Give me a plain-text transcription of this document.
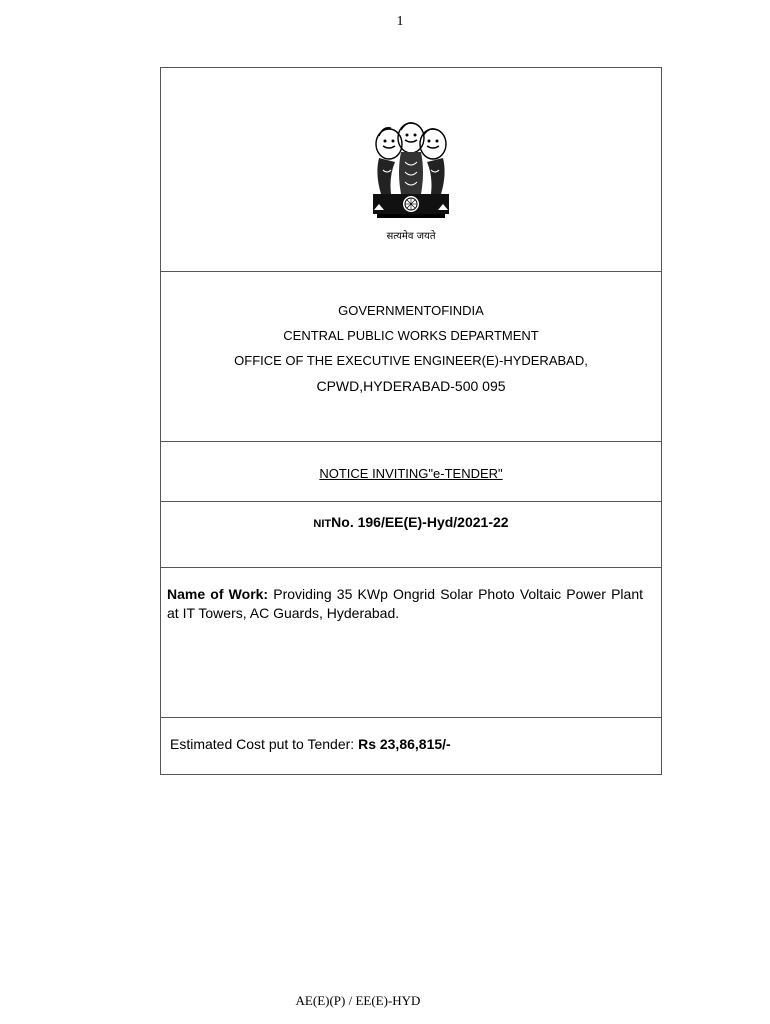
1
सत्यमेव जयते
GOVERNMENTOFINDIA
CENTRAL PUBLIC WORKS DEPARTMENT
OFFICE OF THE EXECUTIVE ENGINEER(E)-HYDERABAD,
CPWD,HYDERABAD-500 095
NOTICE INVITING"e-TENDER"
NITNo. 196/EE(E)-Hyd/2021-22
Name of Work: Providing 35 KWp Ongrid Solar Photo Voltaic Power Plant at IT Towers, AC Guards, Hyderabad.
Estimated Cost put to Tender: Rs 23,86,815/-
AE(E)(P) / EE(E)-HYD
